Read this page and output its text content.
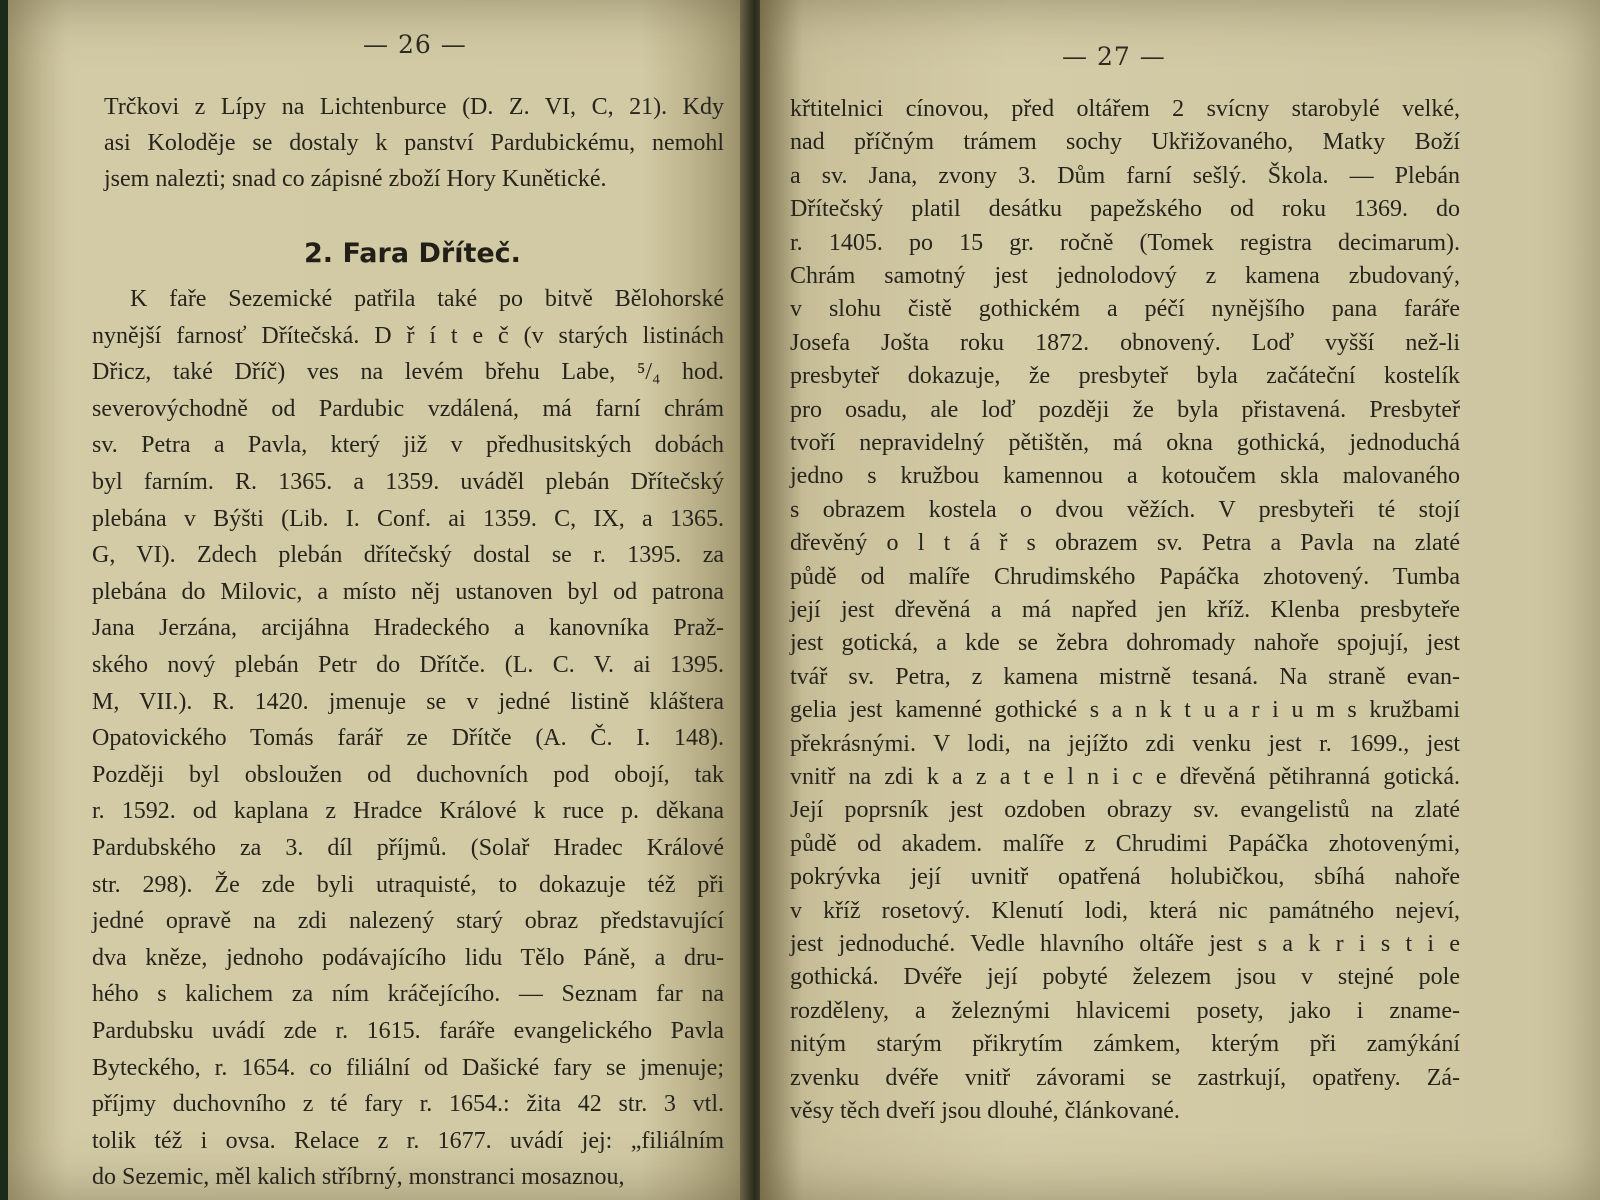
— 26 —
Trčkovi z Lípy na Lichtenburce (D. Z. VI, C, 21). Kdy
asi Koloděje se dostaly k panství Pardubickému, nemohl
jsem nalezti; snad co zápisné zboží Hory Kunětické.
2. Fara Dříteč.
K faře Sezemické patřila také po bitvě Bělohorské
nynější farnosť Dřítečská. D ř í t e č (v starých listinách
Dřicz, také Dříč) ves na levém břehu Labe, ⁵/₄ hod.
severovýchodně od Pardubic vzdálená, má farní chrám
sv. Petra a Pavla, který již v předhusitských dobách
byl farním. R. 1365. a 1359. uváděl plebán Dřítečský
plebána v Býšti (Lib. I. Conf. ai 1359. C, IX, a 1365.
G, VI). Zdech plebán dřítečský dostal se r. 1395. za
plebána do Milovic, a místo něj ustanoven byl od patrona
Jana Jerzána, arcijáhna Hradeckého a kanovníka Praž-
ského nový plebán Petr do Dřítče. (L. C. V. ai 1395.
M, VII.). R. 1420. jmenuje se v jedné listině kláštera
Opatovického Tomás farář ze Dřítče (A. Č. I. 148).
Později byl obsloužen od duchovních pod obojí, tak
r. 1592. od kaplana z Hradce Králové k ruce p. děkana
Pardubského za 3. díl příjmů. (Solař Hradec Králové
str. 298). Že zde byli utraquisté, to dokazuje též při
jedné opravě na zdi nalezený starý obraz představující
dva kněze, jednoho podávajícího lidu Tělo Páně, a dru-
hého s kalichem za ním kráčejícího. — Seznam far na
Pardubsku uvádí zde r. 1615. faráře evangelického Pavla
Byteckého, r. 1654. co filiální od Dašické fary se jmenuje;
příjmy duchovního z té fary r. 1654.: žita 42 str. 3 vtl.
tolik též i ovsa. Relace z r. 1677. uvádí jej: „filiálním
do Sezemic, měl kalich stříbrný, monstranci mosaznou,
— 27 —
křtitelnici cínovou, před oltářem 2 svícny starobylé velké,
nad příčným trámem sochy Ukřižovaného, Matky Boží
a sv. Jana, zvony 3. Dům farní sešlý. Škola. — Plebán
Dřítečský platil desátku papežského od roku 1369. do
r. 1405. po 15 gr. ročně (Tomek registra decimarum).
Chrám samotný jest jednolodový z kamena zbudovaný,
v slohu čistě gothickém a péčí nynějšího pana faráře
Josefa Jošta roku 1872. obnovený. Loď vyšší než-li
presbyteř dokazuje, že presbyteř byla začáteční kostelík
pro osadu, ale loď později že byla přistavená. Presbyteř
tvoří nepravidelný pětištěn, má okna gothická, jednoduchá
jedno s kružbou kamennou a kotoučem skla malovaného
s obrazem kostela o dvou věžích. V presbyteři té stojí
dřevěný o l t á ř s obrazem sv. Petra a Pavla na zlaté
půdě od malíře Chrudimského Papáčka zhotovený. Tumba
její jest dřevěná a má napřed jen kříž. Klenba presbyteře
jest gotická, a kde se žebra dohromady nahoře spojují, jest
tvář sv. Petra, z kamena mistrně tesaná. Na straně evan-
gelia jest kamenné gothické s a n k t u a r i u m s kružbami
překrásnými. V lodi, na jejížto zdi venku jest r. 1699., jest
vnitř na zdi k a z a t e l n i c e dřevěná pětihranná gotická.
Její poprsník jest ozdoben obrazy sv. evangelistů na zlaté
půdě od akadem. malíře z Chrudimi Papáčka zhotovenými,
pokrývka její uvnitř opatřená holubičkou, sbíhá nahoře
v kříž rosetový. Klenutí lodi, která nic památného nejeví,
jest jednoduché. Vedle hlavního oltáře jest s a k r i s t i e
gothická. Dvéře její pobyté železem jsou v stejné pole
rozděleny, a železnými hlavicemi posety, jako i zname-
nitým starým přikrytím zámkem, kterým při zamýkání
zvenku dvéře vnitř závorami se zastrkují, opatřeny. Zá-
věsy těch dveří jsou dlouhé, článkované.
